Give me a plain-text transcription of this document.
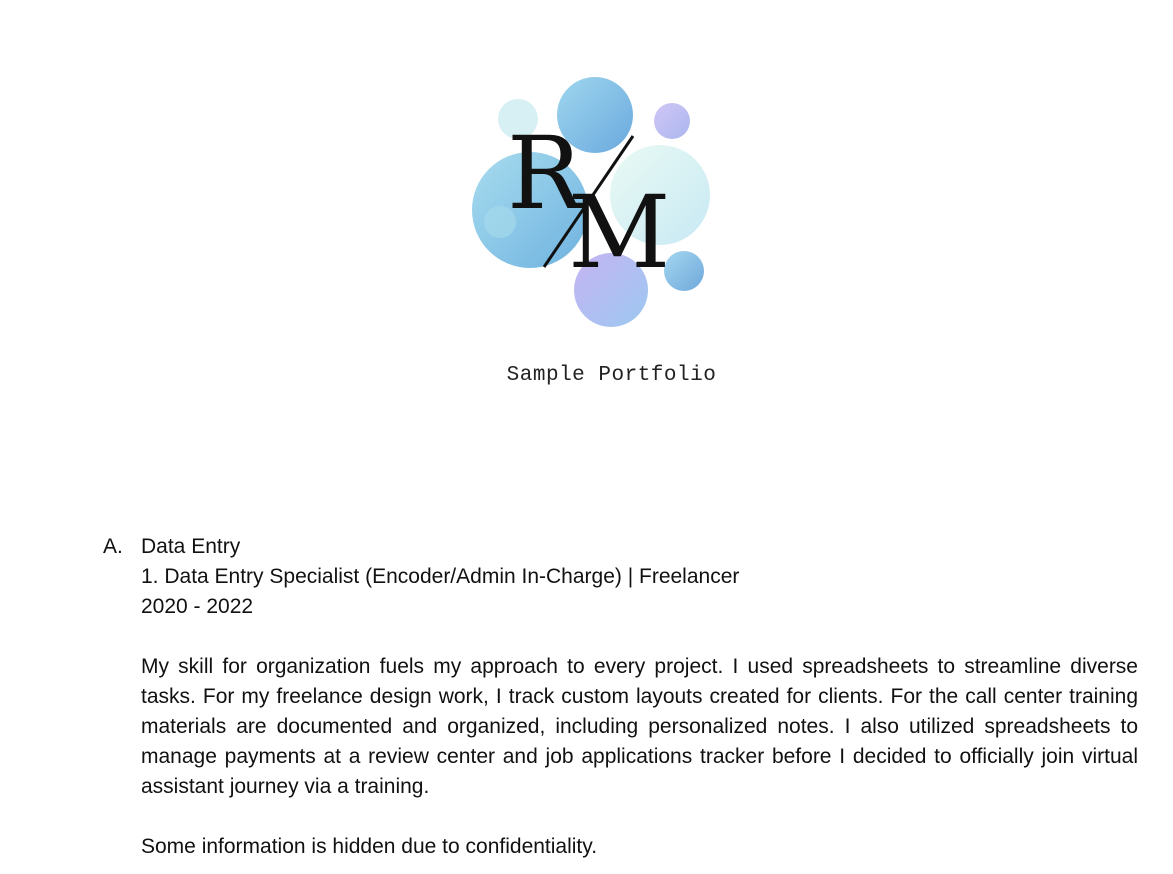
R
M
Sample Portfolio
A. Data Entry
1. Data Entry Specialist (Encoder/Admin In-Charge) | Freelancer
2020 - 2022
My skill for organization fuels my approach to every project. I used spreadsheets to streamline diverse tasks. For my freelance design work, I track custom layouts created for clients. For the call center training materials are documented and organized, including personalized notes. I also utilized spreadsheets to manage payments at a review center and job applications tracker before I decided to officially join virtual assistant journey via a training.
Some information is hidden due to confidentiality.
